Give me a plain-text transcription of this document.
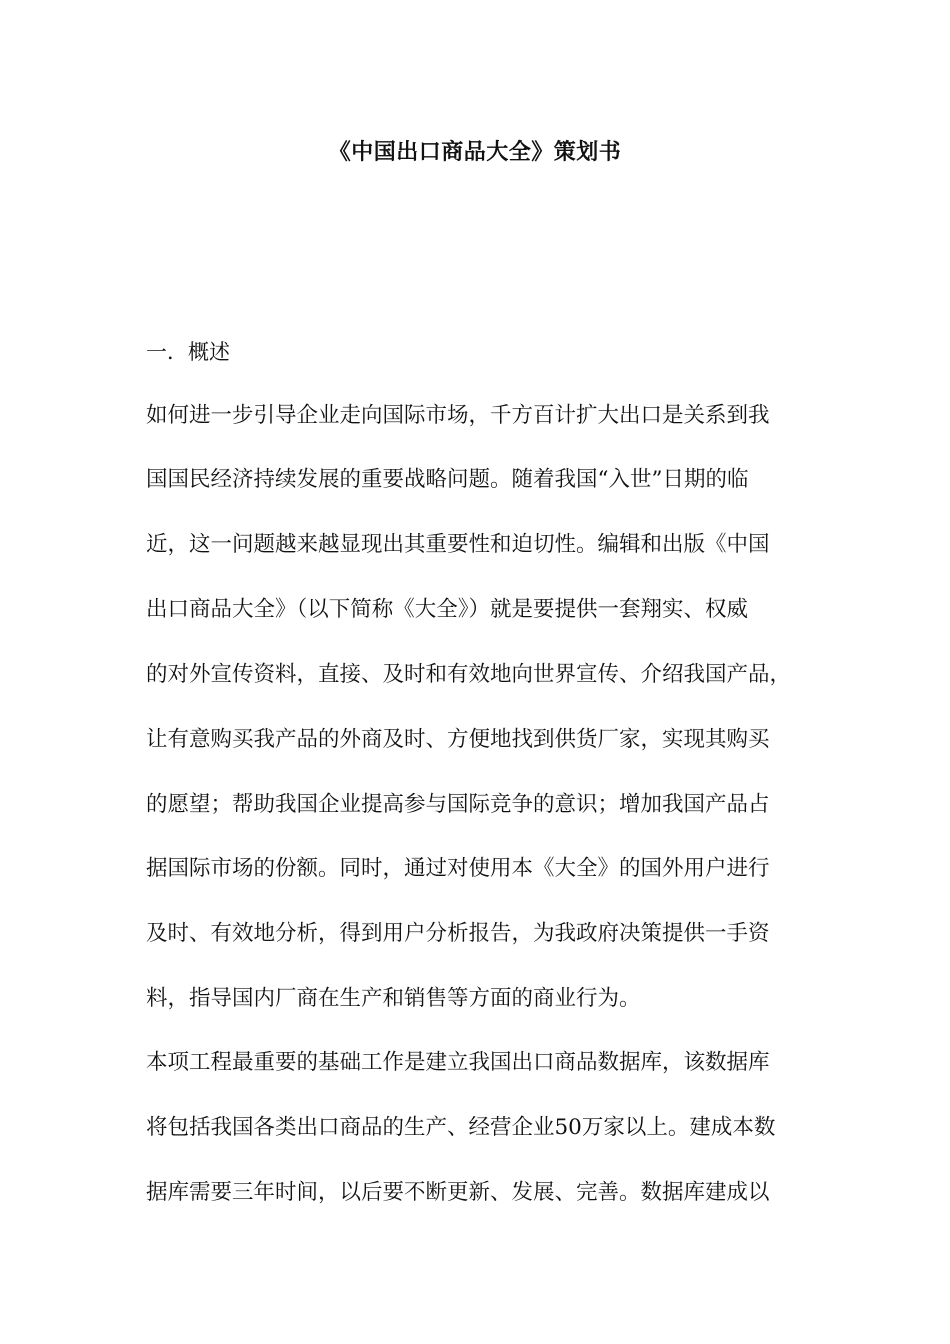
《中国出口商品大全》策划书
一．概述
如何进一步引导企业走向国际市场，千方百计扩大出口是关系到我
国国民经济持续发展的重要战略问题。随着我国“入世”日期的临
近，这一问题越来越显现出其重要性和迫切性。编辑和出版《中国
出口商品大全》（以下简称《大全》）就是要提供一套翔实、权威
的对外宣传资料，直接、及时和有效地向世界宣传、介绍我国产品，
让有意购买我产品的外商及时、方便地找到供货厂家，实现其购买
的愿望；帮助我国企业提高参与国际竞争的意识；增加我国产品占
据国际市场的份额。同时，通过对使用本《大全》的国外用户进行
及时、有效地分析，得到用户分析报告，为我政府决策提供一手资
料，指导国内厂商在生产和销售等方面的商业行为。
本项工程最重要的基础工作是建立我国出口商品数据库，该数据库
将包括我国各类出口商品的生产、经营企业50万家以上。建成本数
据库需要三年时间，以后要不断更新、发展、完善。数据库建成以
